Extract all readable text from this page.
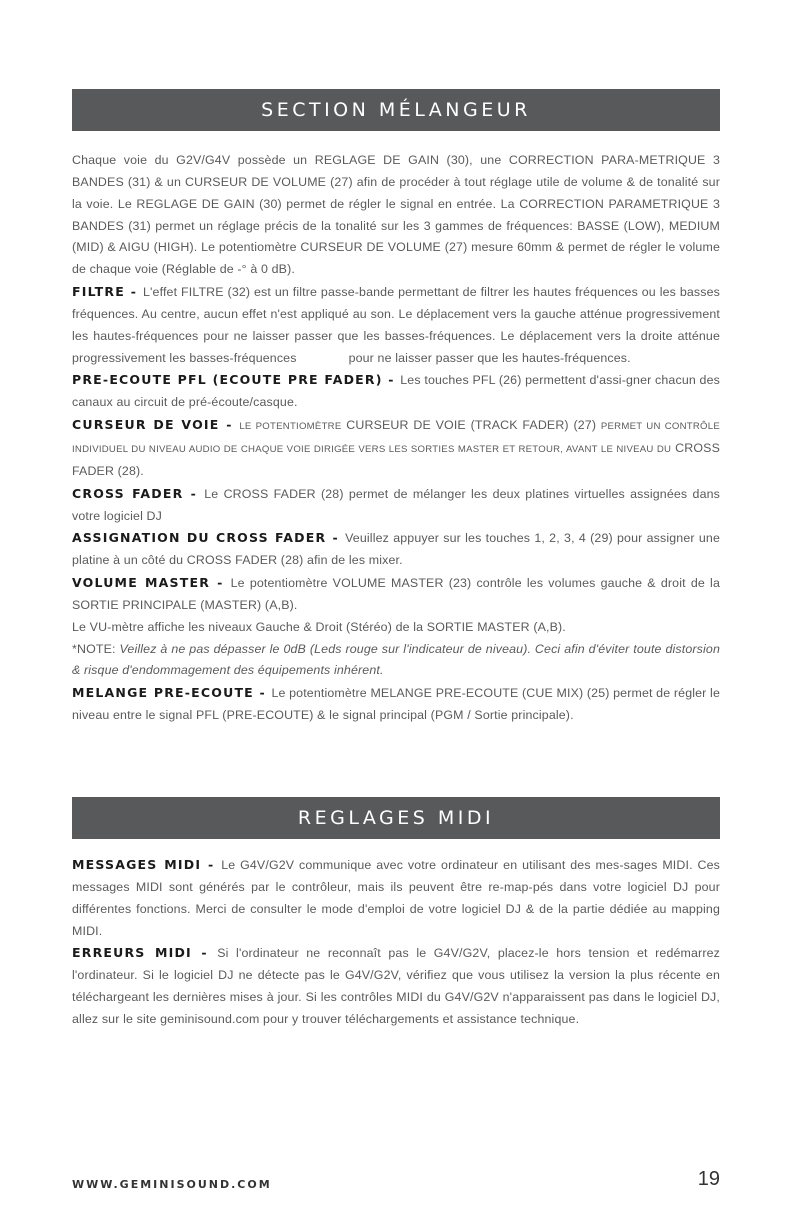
SECTION MÉLANGEUR

Chaque voie du G2V/G4V possède un REGLAGE DE GAIN (30), une CORRECTION PARA-METRIQUE 3 BANDES (31) & un CURSEUR DE VOLUME (27) afin de procéder à tout réglage utile de volume & de tonalité sur la voie. Le REGLAGE DE GAIN (30) permet de régler le signal en entrée. La CORRECTION PARAMETRIQUE 3 BANDES (31) permet un réglage précis de la tonalité sur les 3 gammes de fréquences: BASSE (LOW), MEDIUM (MID) & AIGU (HIGH). Le potentiomètre CURSEUR DE VOLUME (27) mesure 60mm & permet de régler le volume de chaque voie (Réglable de -° à 0 dB).

FILTRE - L'effet FILTRE (32) est un filtre passe-bande permettant de filtrer les hautes fréquences ou les basses fréquences. Au centre, aucun effet n'est appliqué au son. Le déplacement vers la gauche atténue progressivement les hautes-fréquences pour ne laisser passer que les basses-fréquences. Le déplacement vers la droite atténue progressivement les basses-fréquences	pour ne laisser passer que les hautes-fréquences.

PRE-ECOUTE PFL (ECOUTE PRE FADER) - Les touches PFL (26) permettent d'assi-gner chacun des canaux au circuit de pré-écoute/casque.

CURSEUR DE VOIE - LE POTENTIOMÈTRE CURSEUR DE VOIE (TRACK FADER) (27) PERMET UN CONTRÔLE INDIVIDUEL DU NIVEAU AUDIO DE CHAQUE VOIE DIRIGÉE VERS LES SORTIES MASTER ET RETOUR, AVANT LE NIVEAU DU CROSS FADER (28).

CROSS FADER - Le CROSS FADER (28) permet de mélanger les deux platines virtuelles assignées dans votre logiciel DJ

ASSIGNATION DU CROSS FADER - Veuillez appuyer sur les touches 1, 2, 3, 4 (29) pour assigner une platine à un côté du CROSS FADER (28) afin de les mixer.

VOLUME MASTER - Le potentiomètre VOLUME MASTER (23) contrôle les volumes gauche & droit de la SORTIE PRINCIPALE (MASTER) (A,B).

Le VU-mètre affiche les niveaux Gauche & Droit (Stéréo) de la SORTIE MASTER (A,B).

*NOTE: Veillez à ne pas dépasser le 0dB (Leds rouge sur l'indicateur de niveau). Ceci afin d'éviter toute distorsion & risque d'endommagement des équipements inhérent.

MELANGE PRE-ECOUTE - Le potentiomètre MELANGE PRE-ECOUTE (CUE MIX) (25) permet de régler le niveau entre le signal PFL (PRE-ECOUTE) & le signal principal (PGM / Sortie principale).

REGLAGES MIDI

MESSAGES MIDI - Le G4V/G2V communique avec votre ordinateur en utilisant des mes-sages MIDI. Ces messages MIDI sont générés par le contrôleur, mais ils peuvent être re-map-pés dans votre logiciel DJ pour différentes fonctions. Merci de consulter le mode d'emploi de votre logiciel DJ & de la partie dédiée au mapping MIDI.

ERREURS MIDI - Si l'ordinateur ne reconnaît pas le G4V/G2V, placez-le hors tension et redémarrez l'ordinateur. Si le logiciel DJ ne détecte pas le G4V/G2V, vérifiez que vous utilisez la version la plus récente en téléchargeant les dernières mises à jour. Si les contrôles MIDI du G4V/G2V n'apparaissent pas dans le logiciel DJ, allez sur le site geminisound.com pour y trouver téléchargements et assistance technique.

WWW.GEMINISOUND.COM	19
